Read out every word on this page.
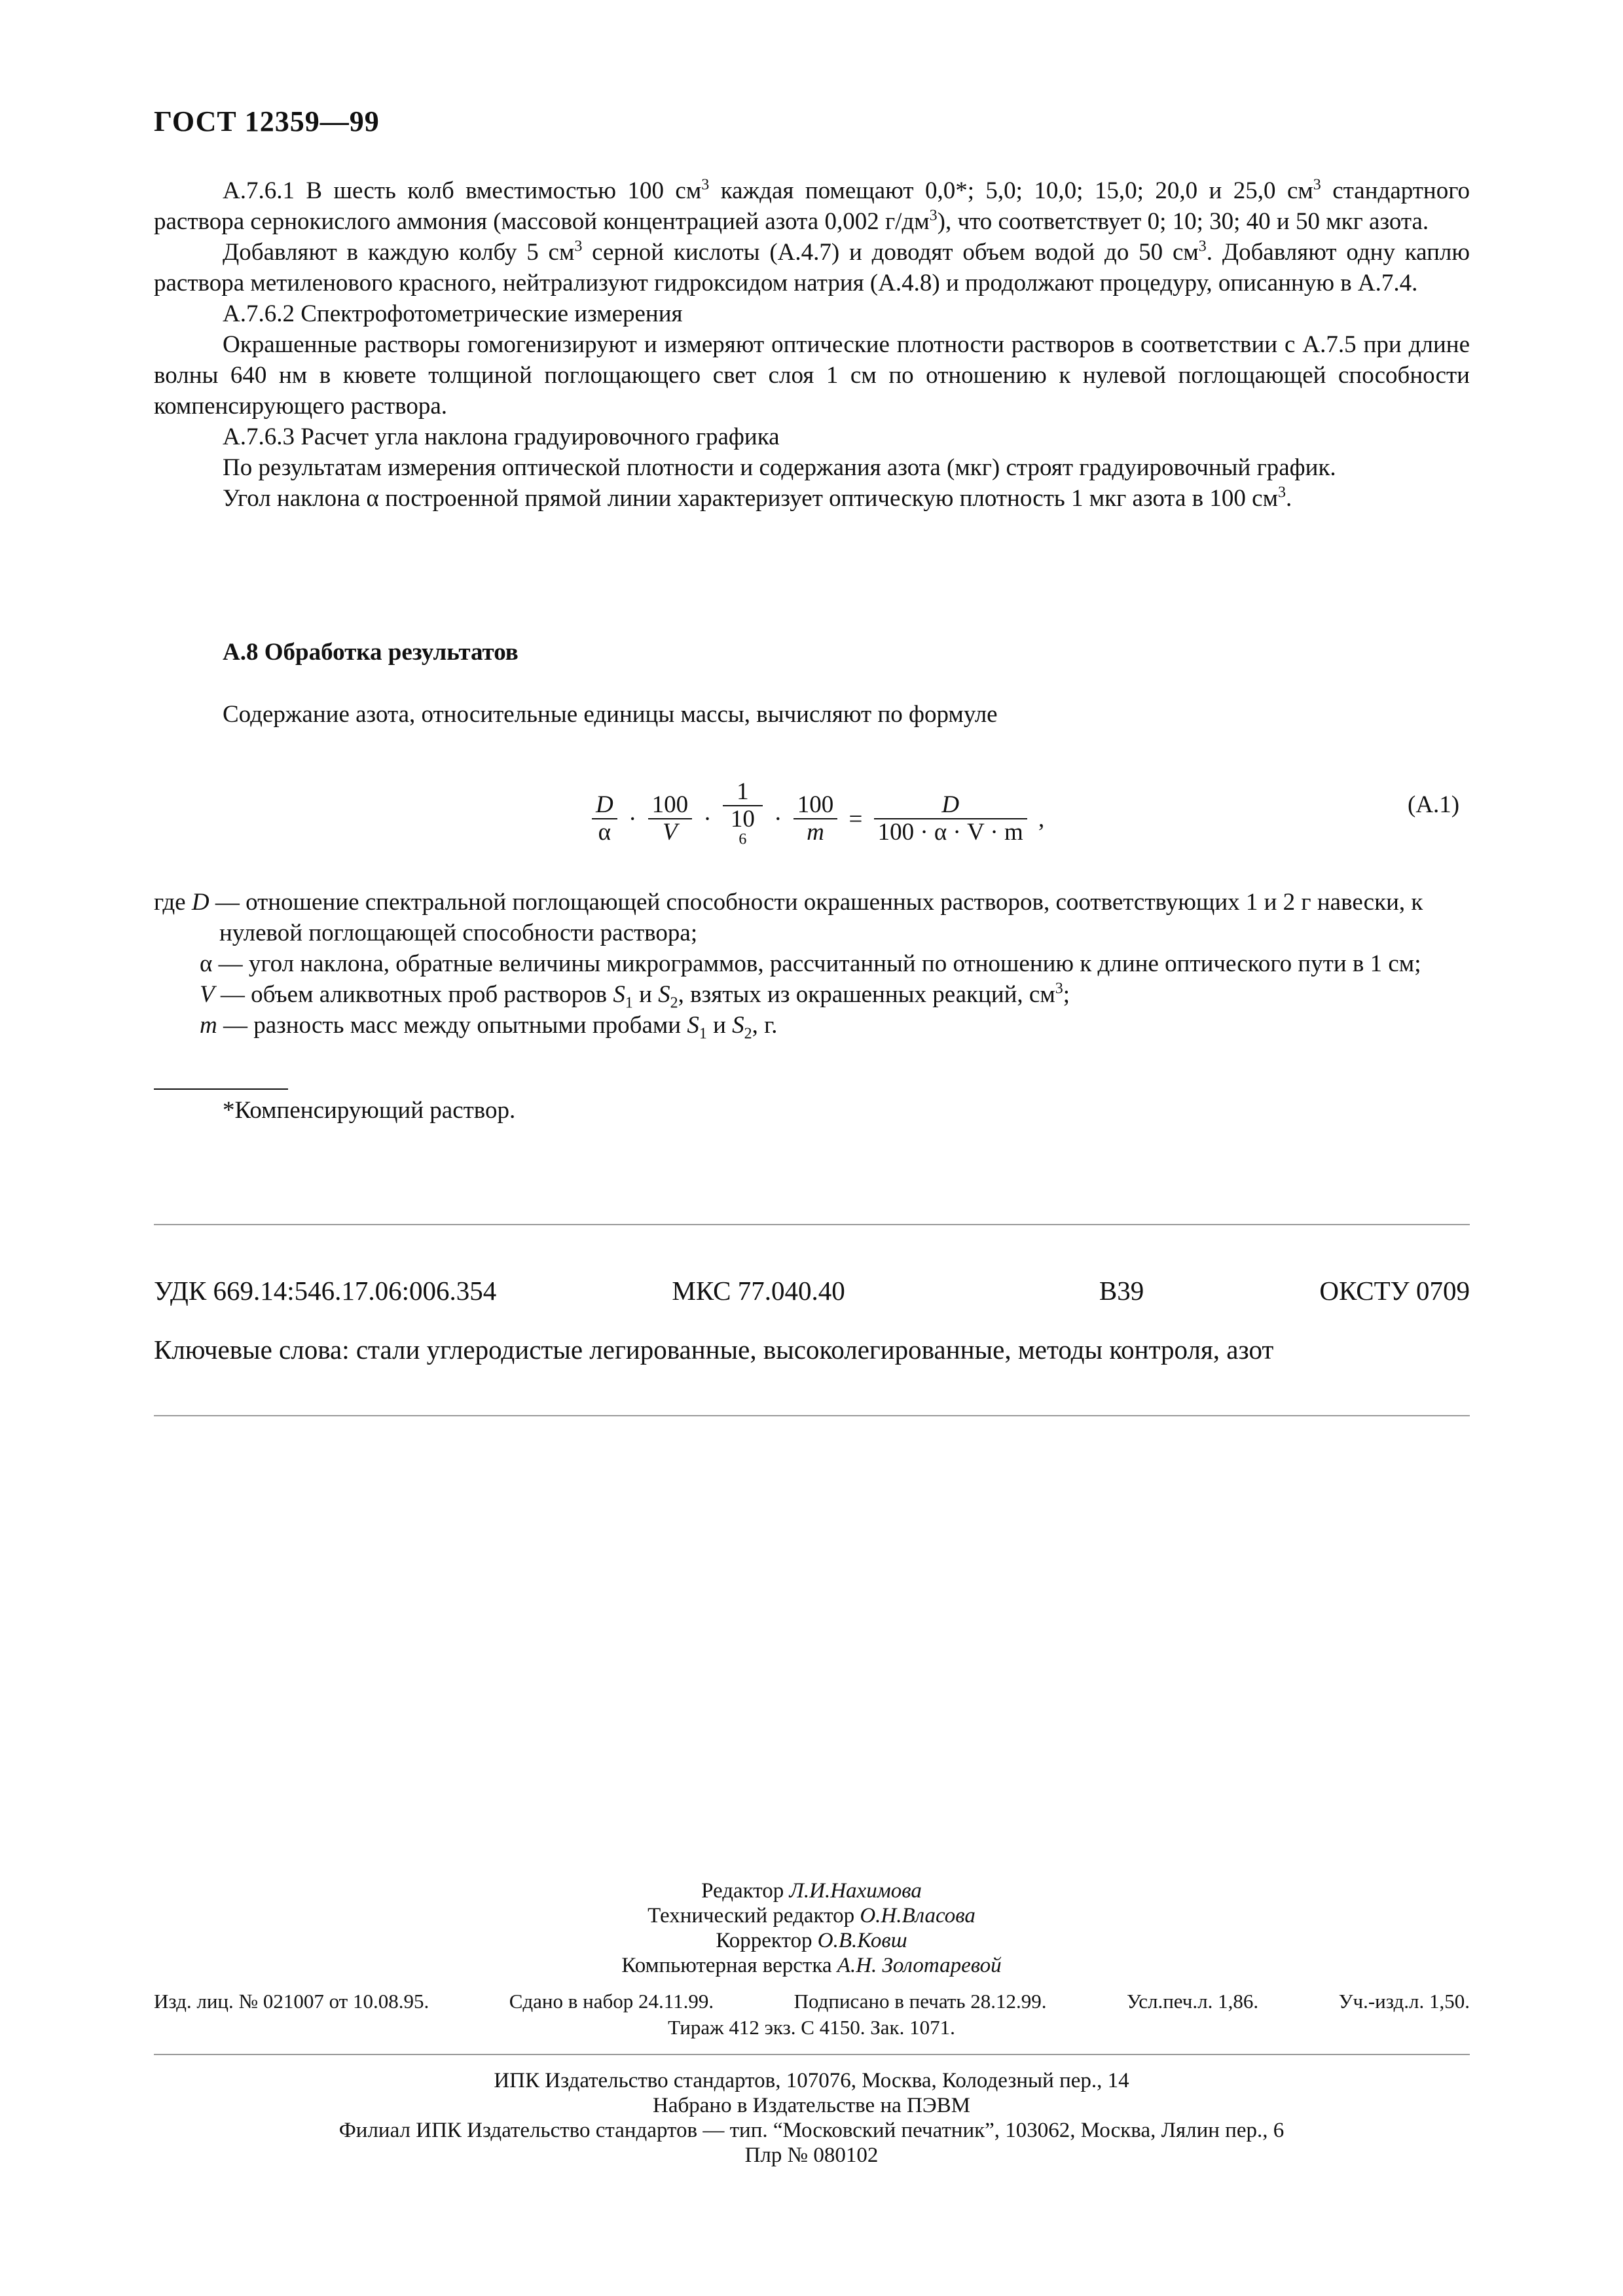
ГОСТ 12359—99

А.7.6.1 В шесть колб вместимостью 100 $см^3$ каждая помещают 0,0*; 5,0; 10,0; 15,0; 20,0 и 25,0 $см^3$ стандартного раствора сернокислого аммония (массовой концентрацией азота 0,002 $г/дм^3$), что соответствует 0; 10; 30; 40 и 50 мкг азота.

Добавляют в каждую колбу 5 $см^3$ серной кислоты (А.4.7) и доводят объем водой до 50 $см^3$. Добавляют одну каплю раствора метиленового красного, нейтрализуют гидроксидом натрия (А.4.8) и продолжают процедуру, описанную в А.7.4.

А.7.6.2 Спектрофотометрические измерения

Окрашенные растворы гомогенизируют и измеряют оптические плотности растворов в соответствии с А.7.5 при длине волны 640 нм в кювете толщиной поглощающего свет слоя 1 см по отношению к нулевой поглощающей способности компенсирующего раствора.

А.7.6.3 Расчет угла наклона градуировочного графика

По результатам измерения оптической плотности и содержания азота (мкг) строят градуировочный график.

Угол наклона α построенной прямой линии характеризует оптическую плотность 1 мкг азота в 100 $см^3$.

А.8 Обработка результатов
Содержание азота, относительные единицы массы, вычисляют по формуле
$\frac{D}{\alpha} \cdot \frac{100}{V} \cdot 1$
10
$^6 \cdot \frac{100}{m} = \frac{D}{100 \cdot \alpha \cdot V \cdot m}$ ,
(А.1)

где D — отношение спектральной поглощающей способности окрашенных растворов, соответствующих 1 и 2 г навески, к нулевой поглощающей способности раствора;

α — угол наклона, обратные величины микрограммов, рассчитанный по отношению к длине оптического пути в 1 см;

V — объем аликвотных проб растворов $S_1$ и $S_2$, взятых из окрашенных реакций, $см^3$;

m — разность масс между опытными пробами $S_1$ и $S_2$, г.

*Компенсирующий раствор.
УДК 669.14:546.17.06:006.354	МКС 77.040.40	В39	ОКСТУ 0709
Ключевые слова: стали углеродистые легированные, высоколегированные, методы контроля, азот
Редактор Л.И.Нахимова
Технический редактор О.Н.Власова
Корректор О.В.Ковш
Компьютерная верстка А.Н. Золотаревой
Изд. лиц. № 021007 от 10.08.95.	Сдано в набор 24.11.99.	Подписано в печать 28.12.99.	Усл.печ.л. 1,86.	Уч.-изд.л. 1,50.
Тираж 412 экз. С 4150. Зак. 1071.
ИПК Издательство стандартов, 107076, Москва, Колодезный пер., 14
Набрано в Издательстве на ПЭВМ
Филиал ИПК Издательство стандартов — тип. “Московский печатник”, 103062, Москва, Лялин пер., 6
Плр № 080102
